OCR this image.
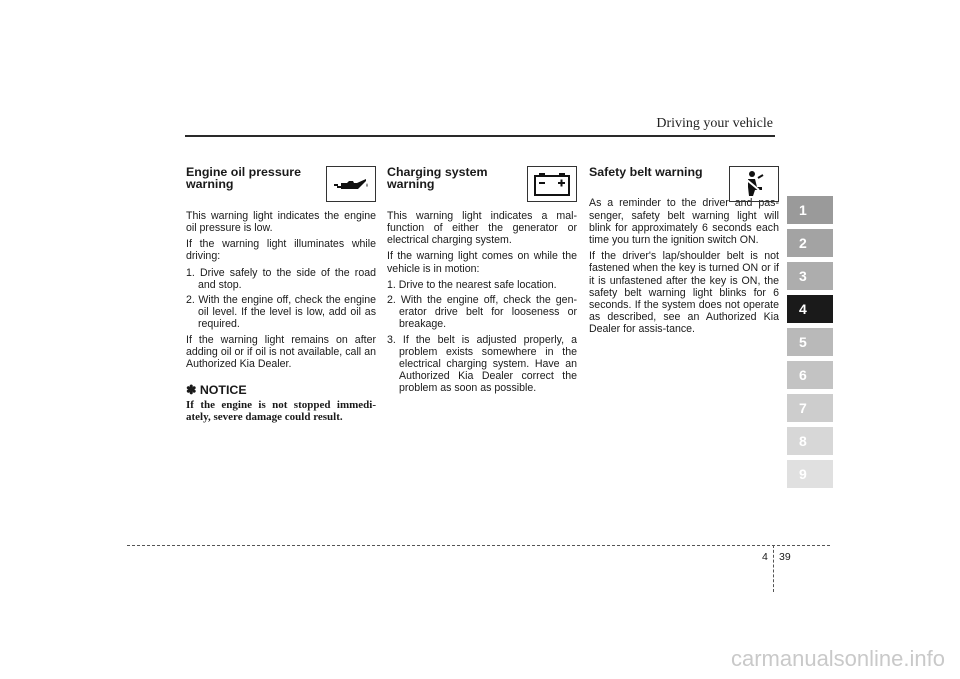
Driving your vehicle
Engine oil pressure warning

This warning light indicates the engine oil pressure is low.

If the warning light illuminates while driving:

1. Drive safely to the side of the road and stop.

2. With the engine off, check the engine oil level. If the level is low, add oil as required.

If the warning light remains on after adding oil or if oil is not available, call an Authorized Kia Dealer.

✽ NOTICE
If the engine is not stopped immedi-ately, severe damage could result.
Charging system warning

This warning light indicates a mal-function of either the generator or electrical charging system.

If the warning light comes on while the vehicle is in motion:

1. Drive to the nearest safe location.

2. With the engine off, check the gen-erator drive belt for looseness or breakage.

3. If the belt is adjusted properly, a problem exists somewhere in the electrical charging system. Have an Authorized Kia Dealer correct the problem as soon as possible.

Safety belt warning

As a reminder to the driver and pas-senger, safety belt warning light will blink for approximately 6 seconds each time you turn the ignition switch ON.

If the driver's lap/shoulder belt is not fastened when the key is turned ON or if it is unfastened after the key is ON, the safety belt warning light blinks for 6 seconds. If the system does not operate as described, see an Authorized Kia Dealer for assis-tance.

1
2
3
4
5
6
7
8
9
4 39
carmanualsonline.info
